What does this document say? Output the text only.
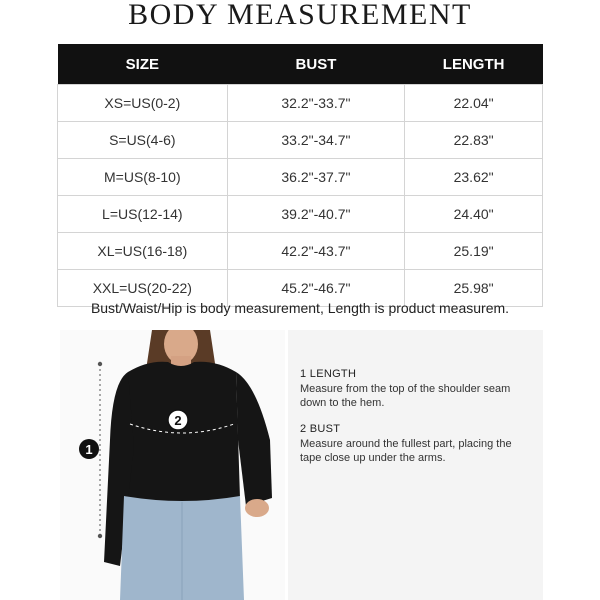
BODY MEASUREMENT
SIZE	BUST	LENGTH
XS=US(0-2)	32.2"-33.7"	22.04"
S=US(4-6)	33.2"-34.7"	22.83"
M=US(8-10)	36.2"-37.7"	23.62"
L=US(12-14)	39.2"-40.7"	24.40"
XL=US(16-18)	42.2"-43.7"	25.19"
XXL=US(20-22)	45.2"-46.7"	25.98"
Bust/Waist/Hip is body measurement, Length is product measurem.
1
2
1 LENGTH
Measure from the top of the shoulder seam down to the hem.
2 BUST
Measure around the fullest part, placing the tape close up under the arms.
